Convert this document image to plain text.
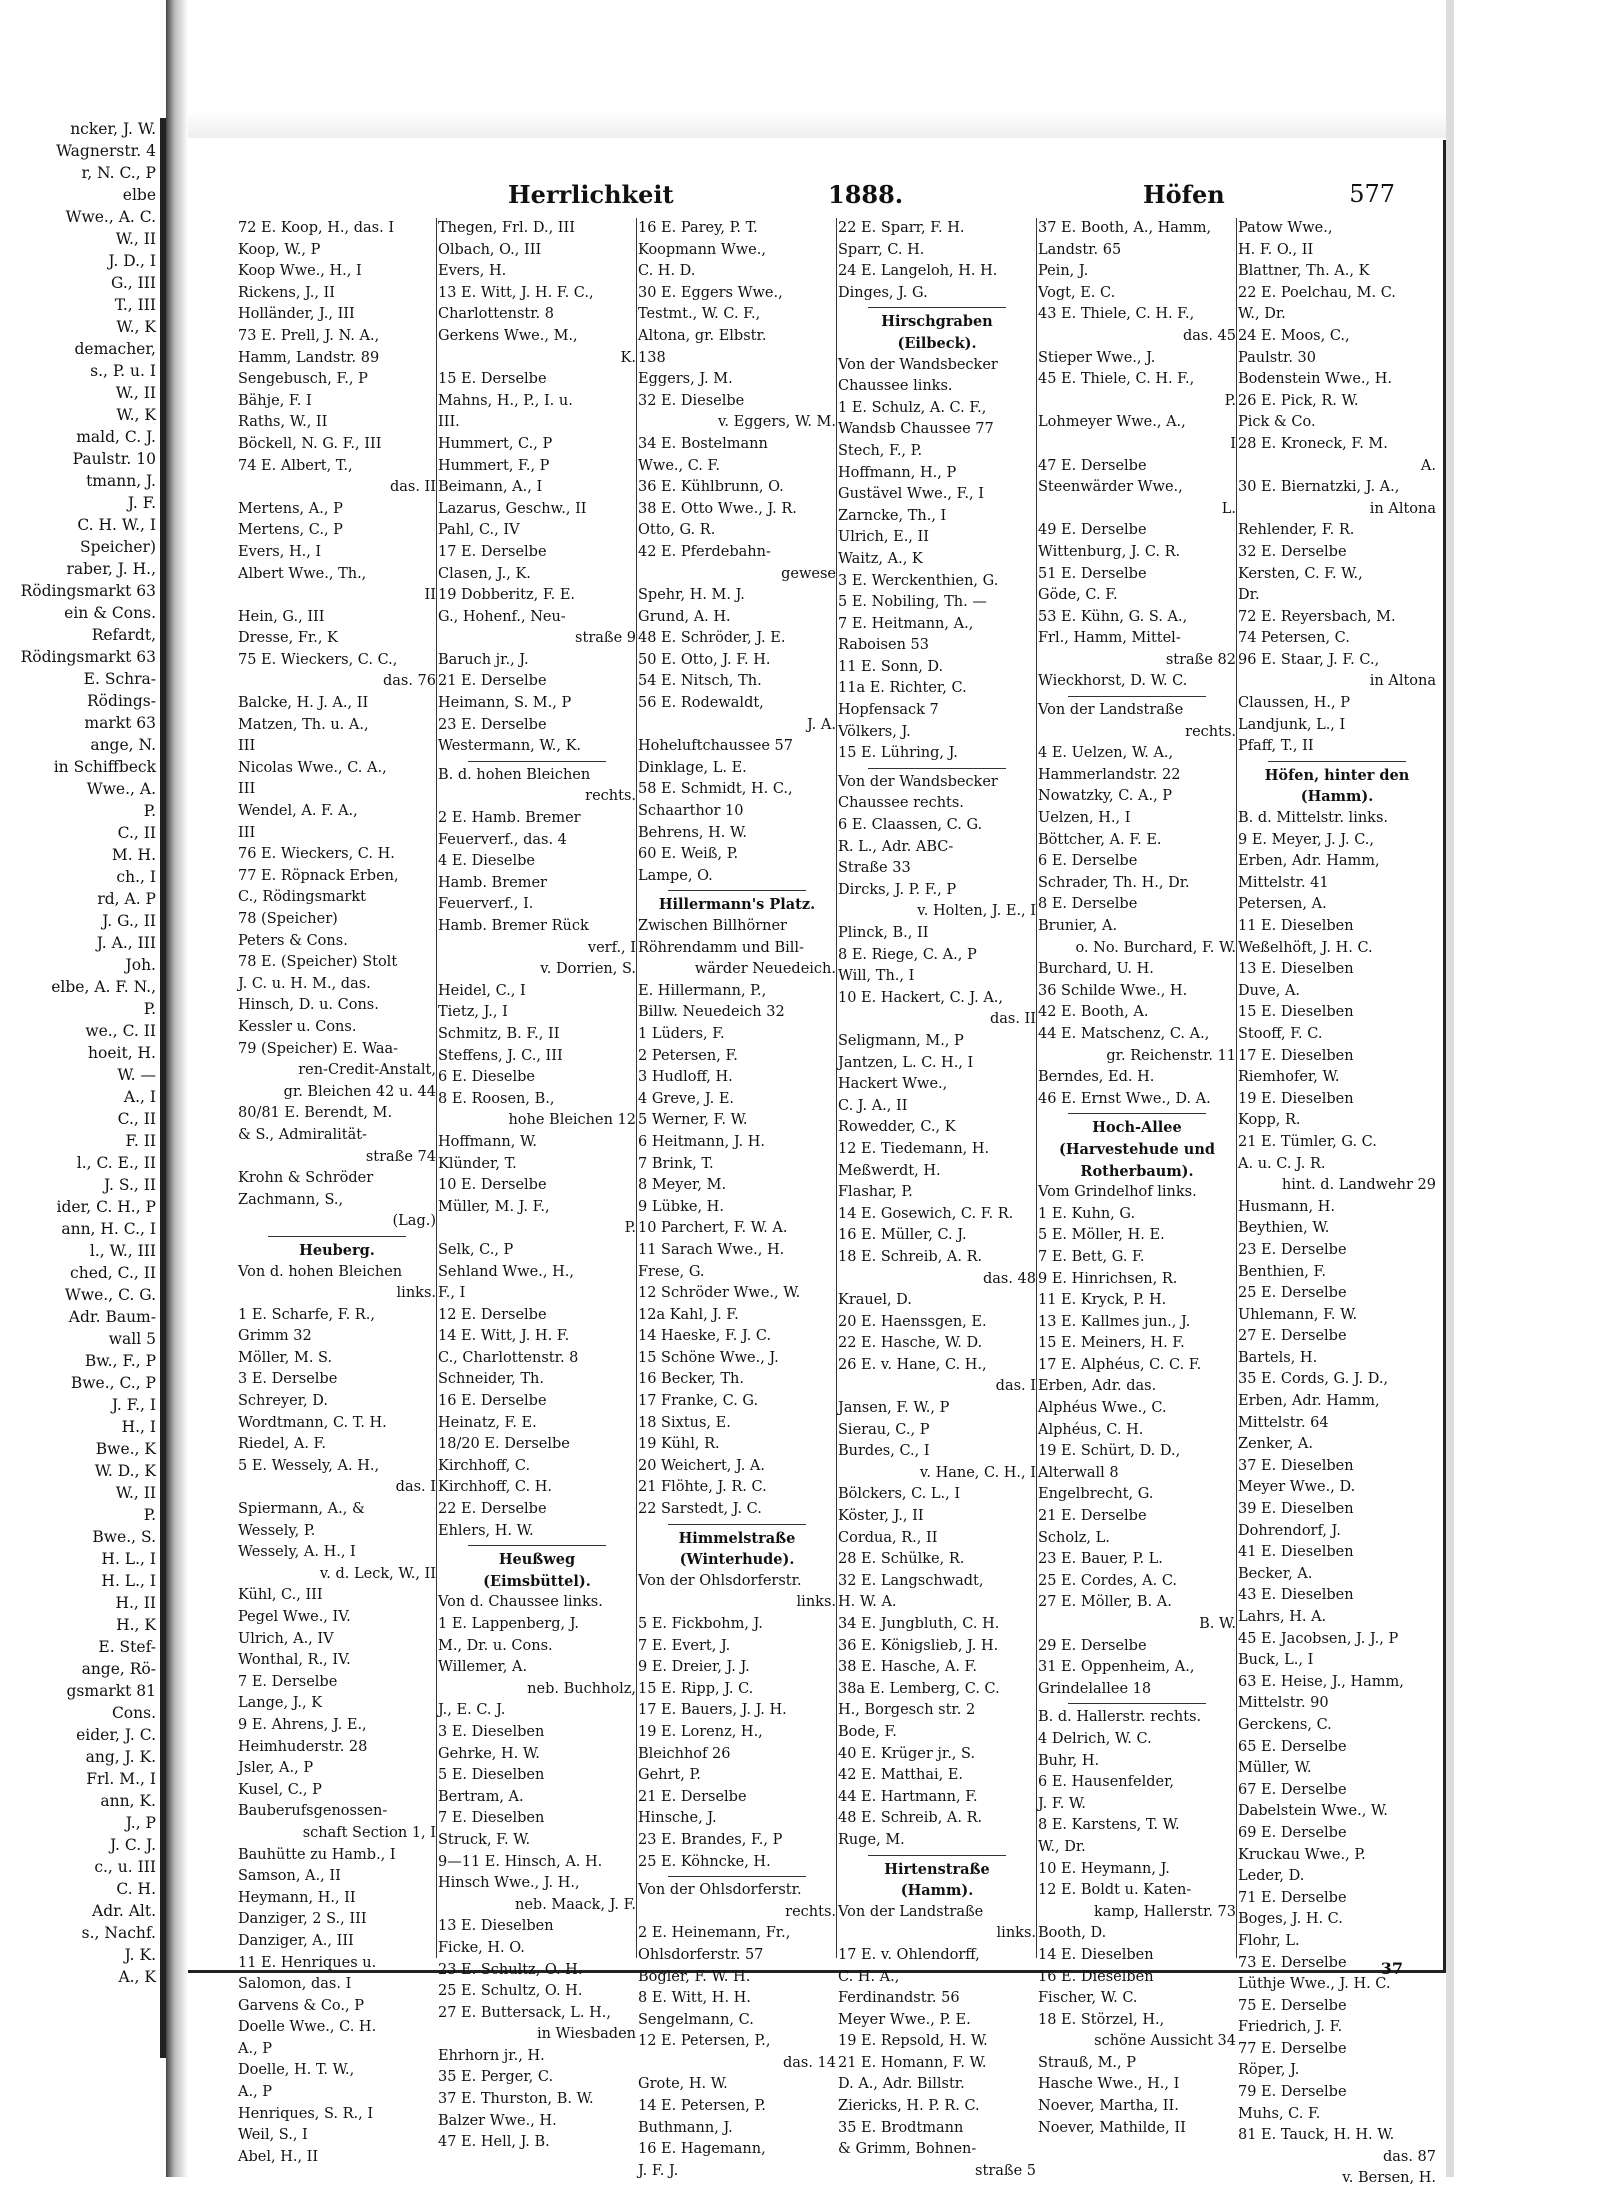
ncker, J. W.
Wagnerstr. 4
r, N. C., P
elbe
Wwe., A. C.
W., II
J. D., I
G., III
T., III
W., K
demacher,
s., P. u. I
W., II
W., K
mald, C. J.
Paulstr. 10
tmann, J.
J. F.
C. H. W., I
Speicher)
raber, J. H.,
Rödingsmarkt 63
ein & Cons.
Refardt,
Rödingsmarkt 63
E. Schra-
Rödings-
markt 63
ange, N.
in Schiffbeck
Wwe., A.
P.
C., II
M. H.
ch., I
rd, A. P
J. G., II
J. A., III
Joh.
elbe, A. F. N.,
P.
we., C. II
hoeit, H.
W. —
A., I
C., II
F. II
l., C. E., II
J. S., II
ider, C. H., P
ann, H. C., I
l., W., III
ched, C., II
Wwe., C. G.
Adr. Baum-
wall 5
Bw., F., P
Bwe., C., P
J. F., I
H., I
Bwe., K
W. D., K
W., II
P.
Bwe., S.
H. L., I
H. L., I
H., II
H., K
E. Stef-
ange, Rö-
gsmarkt 81
Cons.
eider, J. C.
ang, J. K.
Frl. M., I
ann, K.
J., P
J. C. J.
c., u. III
C. H.
Adr. Alt.
s., Nachf.
J. K.
A., K
Herrlichkeit	1888.	Höfen	577
72 E. Koop, H., das. I
Koop, W., P
Koop Wwe., H., I
Rickens, J., II
Holländer, J., III
73 E. Prell, J. N. A.,
Hamm, Landstr. 89
Sengebusch, F., P
Bähje, F. I
Raths, W., II
Böckell, N. G. F., III
74 E. Albert, T.,
das. II
Mertens, A., P
Mertens, C., P
Evers, H., I
Albert Wwe., Th.,
II
Hein, G., III
Dresse, Fr., K
75 E. Wieckers, C. C.,
das. 76
Balcke, H. J. A., II
Matzen, Th. u. A.,
III
Nicolas Wwe., C. A.,
III
Wendel, A. F. A.,
III
76 E. Wieckers, C. H.
77 E. Röpnack Erben,
C., Rödingsmarkt
78 (Speicher)
Peters & Cons.
78 E. (Speicher) Stolt
J. C. u. H. M., das.
Hinsch, D. u. Cons.
Kessler u. Cons.
79 (Speicher) E. Waa-
ren-Credit-Anstalt,
gr. Bleichen 42 u. 44
80/81 E. Berendt, M.
& S., Admiralität-
straße 74
Krohn & Schröder
Zachmann, S.,
(Lag.)
Heuberg.
Von d. hohen Bleichen
links.
1 E. Scharfe, F. R.,
Grimm 32
Möller, M. S.
3 E. Derselbe
Schreyer, D.
Wordtmann, C. T. H.
Riedel, A. F.
5 E. Wessely, A. H.,
das. I
Spiermann, A., &
Wessely, P.
Wessely, A. H., I
v. d. Leck, W., II
Kühl, C., III
Pegel Wwe., IV.
Ulrich, A., IV
Wonthal, R., IV.
7 E. Derselbe
Lange, J., K
9 E. Ahrens, J. E.,
Heimhuderstr. 28
Jsler, A., P
Kusel, C., P
Bauberufsgenossen-
schaft Section 1, I
Bauhütte zu Hamb., I
Samson, A., II
Heymann, H., II
Danziger, 2 S., III
Danziger, A., III
11 E. Henriques u.
Salomon, das. I
Garvens & Co., P
Doelle Wwe., C. H.
A., P
Doelle, H. T. W.,
A., P
Henriques, S. R., I
Weil, S., I
Abel, H., II
Thegen, Frl. D., III
Olbach, O., III
Evers, H.
13 E. Witt, J. H. F. C.,
Charlottenstr. 8
Gerkens Wwe., M.,
K.
15 E. Derselbe
Mahns, H., P., I. u.
III.
Hummert, C., P
Hummert, F., P
Beimann, A., I
Lazarus, Geschw., II
Pahl, C., IV
17 E. Derselbe
Clasen, J., K.
19 Dobberitz, F. E.
G., Hohenf., Neu-
straße 9
Baruch jr., J.
21 E. Derselbe
Heimann, S. M., P
23 E. Derselbe
Westermann, W., K.
B. d. hohen Bleichen
rechts.
2 E. Hamb. Bremer
Feuerverf., das. 4
4 E. Dieselbe
Hamb. Bremer
Feuerverf., I.
Hamb. Bremer Rück
verf., I
v. Dorrien, S.
Heidel, C., I
Tietz, J., I
Schmitz, B. F., II
Steffens, J. C., III
6 E. Dieselbe
8 E. Roosen, B.,
hohe Bleichen 12
Hoffmann, W.
Klünder, T.
10 E. Derselbe
Müller, M. J. F.,
P.
Selk, C., P
Sehland Wwe., H.,
F., I
12 E. Derselbe
14 E. Witt, J. H. F.
C., Charlottenstr. 8
Schneider, Th.
16 E. Derselbe
Heinatz, F. E.
18/20 E. Derselbe
Kirchhoff, C.
Kirchhoff, C. H.
22 E. Derselbe
Ehlers, H. W.
Heußweg
(Eimsbüttel).
Von d. Chaussee links.
1 E. Lappenberg, J.
M., Dr. u. Cons.
Willemer, A.
neb. Buchholz,
J., E. C. J.
3 E. Dieselben
Gehrke, H. W.
5 E. Dieselben
Bertram, A.
7 E. Dieselben
Struck, F. W.
9—11 E. Hinsch, A. H.
Hinsch Wwe., J. H.,
neb. Maack, J. F.
13 E. Dieselben
Ficke, H. O.
23 E. Schultz, O. H.
25 E. Schultz, O. H.
27 E. Buttersack, L. H.,
in Wiesbaden
Ehrhorn jr., H.
35 E. Perger, C.
37 E. Thurston, B. W.
Balzer Wwe., H.
47 E. Hell, J. B.
16 E. Parey, P. T.
Koopmann Wwe.,
C. H. D.
30 E. Eggers Wwe.,
Testmt., W. C. F.,
Altona, gr. Elbstr.
138
Eggers, J. M.
32 E. Dieselbe
v. Eggers, W. M.
34 E. Bostelmann
Wwe., C. F.
36 E. Kühlbrunn, O.
38 E. Otto Wwe., J. R.
Otto, G. R.
42 E. Pferdebahn-
gewese
Spehr, H. M. J.
Grund, A. H.
48 E. Schröder, J. E.
50 E. Otto, J. F. H.
54 E. Nitsch, Th.
56 E. Rodewaldt,
J. A.
Hoheluftchaussee 57
Dinklage, L. E.
58 E. Schmidt, H. C.,
Schaarthor 10
Behrens, H. W.
60 E. Weiß, P.
Lampe, O.
Hillermann's Platz.
Zwischen Billhörner
Röhrendamm und Bill-
wärder Neuedeich.
E. Hillermann, P.,
Billw. Neuedeich 32
1 Lüders, F.
2 Petersen, F.
3 Hudloff, H.
4 Greve, J. E.
5 Werner, F. W.
6 Heitmann, J. H.
7 Brink, T.
8 Meyer, M.
9 Lübke, H.
10 Parchert, F. W. A.
11 Sarach Wwe., H.
Frese, G.
12 Schröder Wwe., W.
12a Kahl, J. F.
14 Haeske, F. J. C.
15 Schöne Wwe., J.
16 Becker, Th.
17 Franke, C. G.
18 Sixtus, E.
19 Kühl, R.
20 Weichert, J. A.
21 Flöhte, J. R. C.
22 Sarstedt, J. C.
Himmelstraße
(Winterhude).
Von der Ohlsdorferstr.
links.
5 E. Fickbohm, J.
7 E. Evert, J.
9 E. Dreier, J. J.
15 E. Ripp, J. C.
17 E. Bauers, J. J. H.
19 E. Lorenz, H.,
Bleichhof 26
Gehrt, P.
21 E. Derselbe
Hinsche, J.
23 E. Brandes, F., P
25 E. Köhncke, H.
Von der Ohlsdorferstr.
rechts.
2 E. Heinemann, Fr.,
Ohlsdorferstr. 57
Bogler, F. W. H.
8 E. Witt, H. H.
Sengelmann, C.
12 E. Petersen, P.,
das. 14
Grote, H. W.
14 E. Petersen, P.
Buthmann, J.
16 E. Hagemann,
J. F. J.
22 E. Sparr, F. H.
Sparr, C. H.
24 E. Langeloh, H. H.
Dinges, J. G.
Hirschgraben
(Eilbeck).
Von der Wandsbecker
Chaussee links.
1 E. Schulz, A. C. F.,
Wandsb Chaussee 77
Stech, F., P.
Hoffmann, H., P
Gustävel Wwe., F., I
Zarncke, Th., I
Ulrich, E., II
Waitz, A., K
3 E. Werckenthien, G.
5 E. Nobiling, Th. —
7 E. Heitmann, A.,
Raboisen 53
11 E. Sonn, D.
11a E. Richter, C.
Hopfensack 7
Völkers, J.
15 E. Lühring, J.
Von der Wandsbecker
Chaussee rechts.
6 E. Claassen, C. G.
R. L., Adr. ABC-
Straße 33
Dircks, J. P. F., P
v. Holten, J. E., I
Plinck, B., II
8 E. Riege, C. A., P
Will, Th., I
10 E. Hackert, C. J. A.,
das. II
Seligmann, M., P
Jantzen, L. C. H., I
Hackert Wwe.,
C. J. A., II
Rowedder, C., K
12 E. Tiedemann, H.
Meßwerdt, H.
Flashar, P.
14 E. Gosewich, C. F. R.
16 E. Müller, C. J.
18 E. Schreib, A. R.
das. 48
Krauel, D.
20 E. Haenssgen, E.
22 E. Hasche, W. D.
26 E. v. Hane, C. H.,
das. I
Jansen, F. W., P
Sierau, C., P
Burdes, C., I
v. Hane, C. H., I
Bölckers, C. L., I
Köster, J., II
Cordua, R., II
28 E. Schülke, R.
32 E. Langschwadt,
H. W. A.
34 E. Jungbluth, C. H.
36 E. Königslieb, J. H.
38 E. Hasche, A. F.
38a E. Lemberg, C. C.
H., Borgesch str. 2
Bode, F.
40 E. Krüger jr., S.
42 E. Matthai, E.
44 E. Hartmann, F.
48 E. Schreib, A. R.
Ruge, M.
Hirtenstraße
(Hamm).
Von der Landstraße
links.
17 E. v. Ohlendorff,
C. H. A.,
Ferdinandstr. 56
Meyer Wwe., P. E.
19 E. Repsold, H. W.
21 E. Homann, F. W.
D. A., Adr. Billstr.
Ziericks, H. P. R. C.
35 E. Brodtmann
& Grimm, Bohnen-
straße 5
37 E. Booth, A., Hamm,
Landstr. 65
Pein, J.
Vogt, E. C.
43 E. Thiele, C. H. F.,
das. 45
Stieper Wwe., J.
45 E. Thiele, C. H. F.,
P.
Lohmeyer Wwe., A.,
I
47 E. Derselbe
Steenwärder Wwe.,
L.
49 E. Derselbe
Wittenburg, J. C. R.
51 E. Derselbe
Göde, C. F.
53 E. Kühn, G. S. A.,
Frl., Hamm, Mittel-
straße 82
Wieckhorst, D. W. C.
Von der Landstraße
rechts.
4 E. Uelzen, W. A.,
Hammerlandstr. 22
Nowatzky, C. A., P
Uelzen, H., I
Böttcher, A. F. E.
6 E. Derselbe
Schrader, Th. H., Dr.
8 E. Derselbe
Brunier, A.
o. No. Burchard, F. W.
Burchard, U. H.
36 Schilde Wwe., H.
42 E. Booth, A.
44 E. Matschenz, C. A.,
gr. Reichenstr. 11
Berndes, Ed. H.
46 E. Ernst Wwe., D. A.
Hoch-Allee
(Harvestehude und
Rotherbaum).
Vom Grindelhof links.
1 E. Kuhn, G.
5 E. Möller, H. E.
7 E. Bett, G. F.
9 E. Hinrichsen, R.
11 E. Kryck, P. H.
13 E. Kallmes jun., J.
15 E. Meiners, H. F.
17 E. Alphéus, C. C. F.
Erben, Adr. das.
Alphéus Wwe., C.
Alphéus, C. H.
19 E. Schürt, D. D.,
Alterwall 8
Engelbrecht, G.
21 E. Derselbe
Scholz, L.
23 E. Bauer, P. L.
25 E. Cordes, A. C.
27 E. Möller, B. A.
B. W.
29 E. Derselbe
31 E. Oppenheim, A.,
Grindelallee 18
B. d. Hallerstr. rechts.
4 Delrich, W. C.
Buhr, H.
6 E. Hausenfelder,
J. F. W.
8 E. Karstens, T. W.
W., Dr.
10 E. Heymann, J.
12 E. Boldt u. Katen-
kamp, Hallerstr. 73
Booth, D.
14 E. Dieselben
16 E. Dieselben
Fischer, W. C.
18 E. Störzel, H.,
schöne Aussicht 34
Strauß, M., P
Hasche Wwe., H., I
Noever, Martha, II.
Noever, Mathilde, II
Patow Wwe.,
H. F. O., II
Blattner, Th. A., K
22 E. Poelchau, M. C.
W., Dr.
24 E. Moos, C.,
Paulstr. 30
Bodenstein Wwe., H.
26 E. Pick, R. W.
Pick & Co.
28 E. Kroneck, F. M.
A.
30 E. Biernatzki, J. A.,
in Altona
Rehlender, F. R.
32 E. Derselbe
Kersten, C. F. W.,
Dr.
72 E. Reyersbach, M.
74 Petersen, C.
96 E. Staar, J. F. C.,
in Altona
Claussen, H., P
Landjunk, L., I
Pfaff, T., II
Höfen, hinter den
(Hamm).
B. d. Mittelstr. links.
9 E. Meyer, J. J. C.,
Erben, Adr. Hamm,
Mittelstr. 41
Petersen, A.
11 E. Dieselben
Weßelhöft, J. H. C.
13 E. Dieselben
Duve, A.
15 E. Dieselben
Stooff, F. C.
17 E. Dieselben
Riemhofer, W.
19 E. Dieselben
Kopp, R.
21 E. Tümler, G. C.
A. u. C. J. R.
hint. d. Landwehr 29
Husmann, H.
Beythien, W.
23 E. Derselbe
Benthien, F.
25 E. Derselbe
Uhlemann, F. W.
27 E. Derselbe
Bartels, H.
35 E. Cords, G. J. D.,
Erben, Adr. Hamm,
Mittelstr. 64
Zenker, A.
37 E. Dieselben
Meyer Wwe., D.
39 E. Dieselben
Dohrendorf, J.
41 E. Dieselben
Becker, A.
43 E. Dieselben
Lahrs, H. A.
45 E. Jacobsen, J. J., P
Buck, L., I
63 E. Heise, J., Hamm,
Mittelstr. 90
Gerckens, C.
65 E. Derselbe
Müller, W.
67 E. Derselbe
Dabelstein Wwe., W.
69 E. Derselbe
Kruckau Wwe., P.
Leder, D.
71 E. Derselbe
Boges, J. H. C.
Flohr, L.
73 E. Derselbe
Lüthje Wwe., J. H. C.
75 E. Derselbe
Friedrich, J. F.
77 E. Derselbe
Röper, J.
79 E. Derselbe
Muhs, C. F.
81 E. Tauck, H. H. W.
das. 87
v. Bersen, H.
37
